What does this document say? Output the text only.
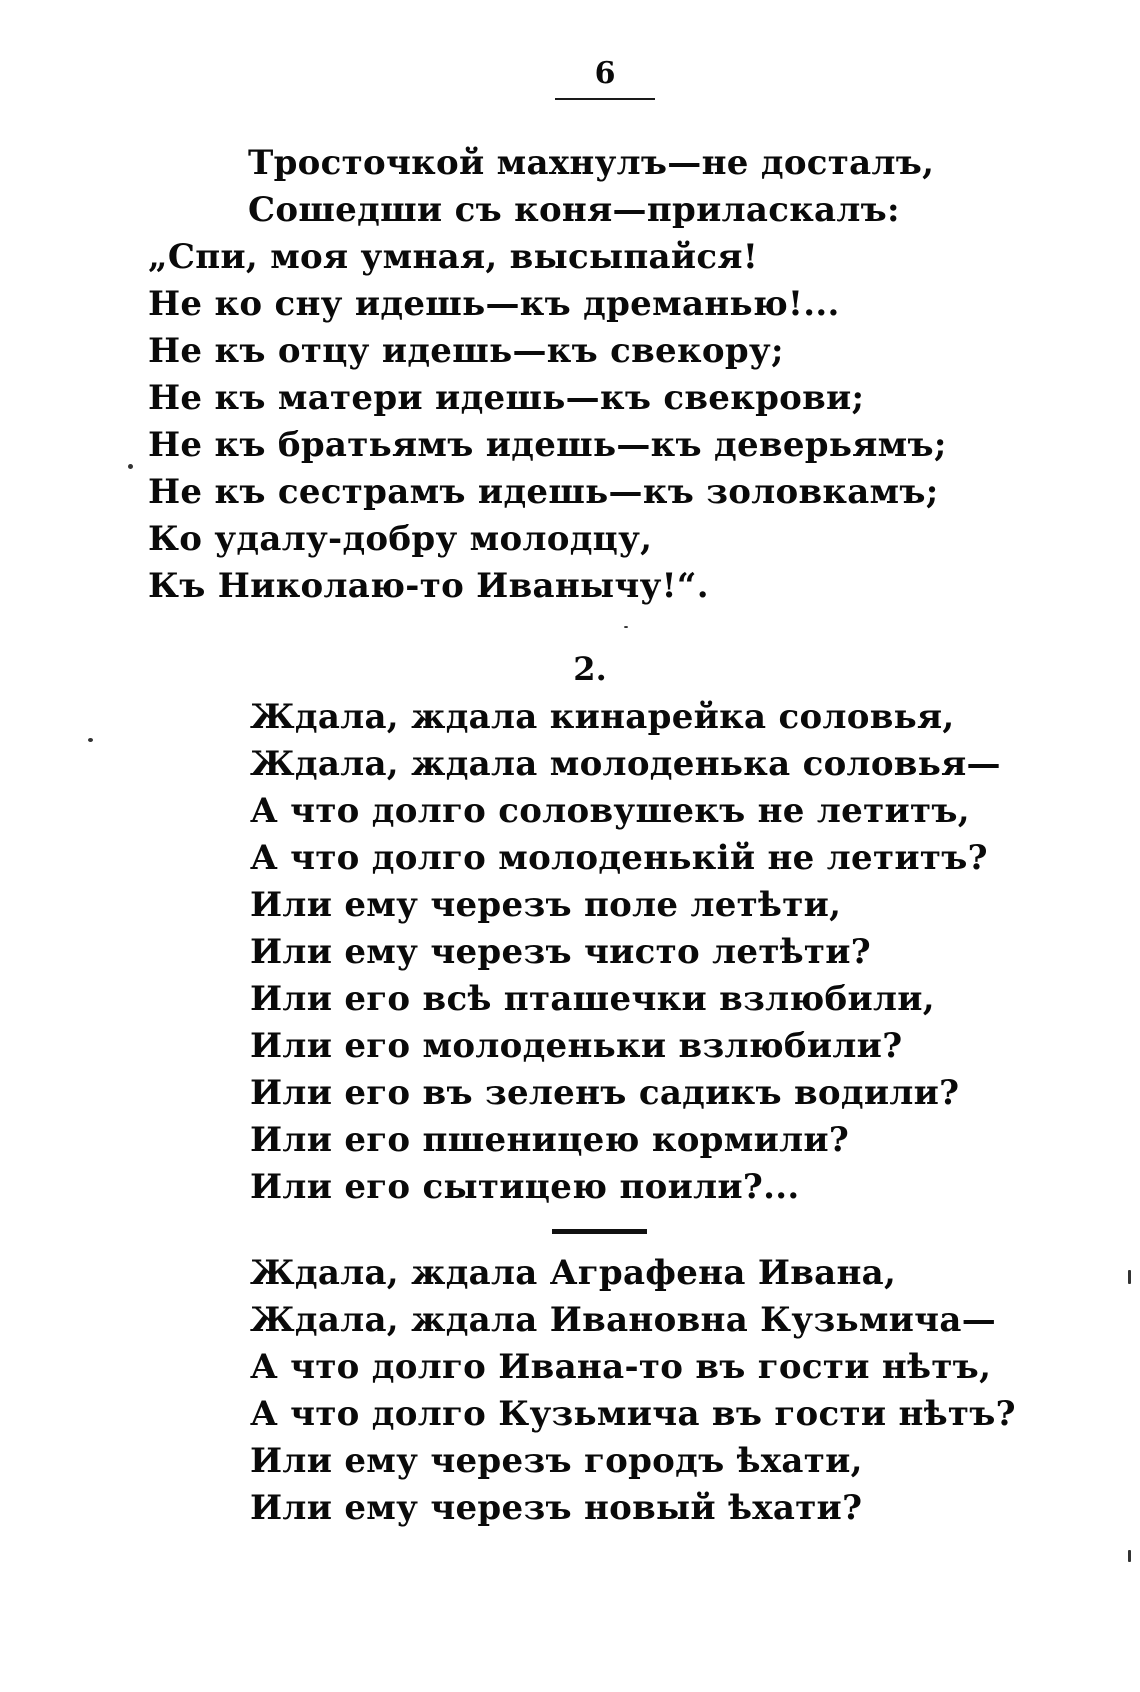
6
Тросточкой махнулъ—не досталъ,
Сошедши съ коня—приласкалъ:
„Спи, моя умная, высыпайся!
Не ко сну идешь—къ дреманью!...
Не къ отцу идешь—къ свекору;
Не къ матери идешь—къ свекрови;
Не къ братьямъ идешь—къ деверьямъ;
Не къ сестрамъ идешь—къ золовкамъ;
Ко удалу-добру молодцу,
Къ Николаю-то Иванычу!“.
2.
Ждала, ждала кинарейка соловья,
Ждала, ждала молоденька соловья—
А что долго соловушекъ не летитъ,
А что долго молоденькій не летитъ?
Или ему черезъ поле летѣти,
Или ему черезъ чисто летѣти?
Или его всѣ пташечки взлюбили,
Или его молоденьки взлюбили?
Или его въ зеленъ садикъ водили?
Или его пшеницею кормили?
Или его сытицею поили?...
Ждала, ждала Аграфена Ивана,
Ждала, ждала Ивановна Кузьмича—
А что долго Ивана-то въ гости нѣтъ,
А что долго Кузьмича въ гости нѣтъ?
Или ему черезъ городъ ѣхати,
Или ему черезъ новый ѣхати?
